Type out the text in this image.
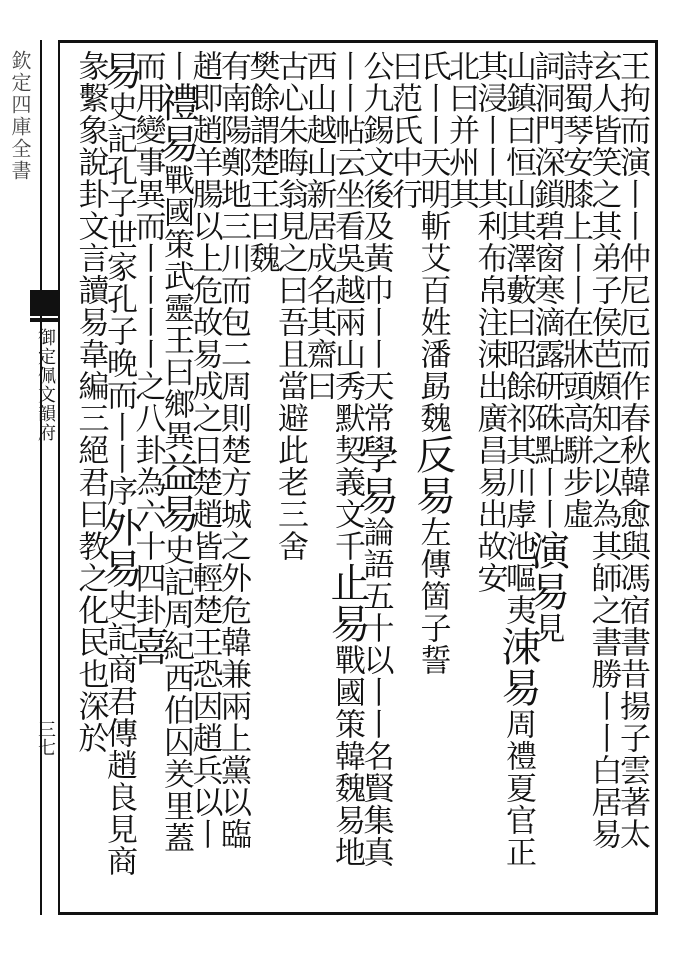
欽定四庫全書
御定佩文韻府
三七	王拘而演丨丨仲尼厄而作春秋韓愈與馮宿書昔揚子雲著太
玄人皆笑之其弟子侯芭頗知之以為其師之書勝丨丨白居易
詩蜀琴安膝上丨丨在牀頭高駢步虛
詞洞門深鎖碧窗寒滴露研硃點丨丨演易見
山鎮曰恒山其澤藪曰昭餘祁其川虖池嘔夷涑易周禮夏官正
其浸丨丨其利布帛注涑出廣昌易出故安
北曰并州其
氏丨丨天明斬艾百姓潘勗魏反易左傳箇子誓
曰范氏中行
公九錫文後及黃巾丨丨天常學易論語五十以丨丨名賢集真
丨丨帖云坐看吳越兩山秀默契義文千止易戰國策韓魏易地
西山越山新居成名其齋曰
古心朱晦翁見之曰吾且當避此老三舍
樊餘謂楚王曰魏
有南陽鄭地三川而包二周則楚方城之外危韓兼兩上黨以臨
趙即趙羊腸以上危故易成之日楚趙皆輕楚王恐因趙兵以丨
丨禮易戰國策武靈王曰鄉異益易史記周紀西伯囚羑里蓋
而用變事異而丨丨丨丨之八卦為六十四卦喜
易史記孔子世家孔子晚而丨丨序外易史記商君傳趙良見商
彖繫象說卦文言讀易韋編三絕君曰教之化民也深於
